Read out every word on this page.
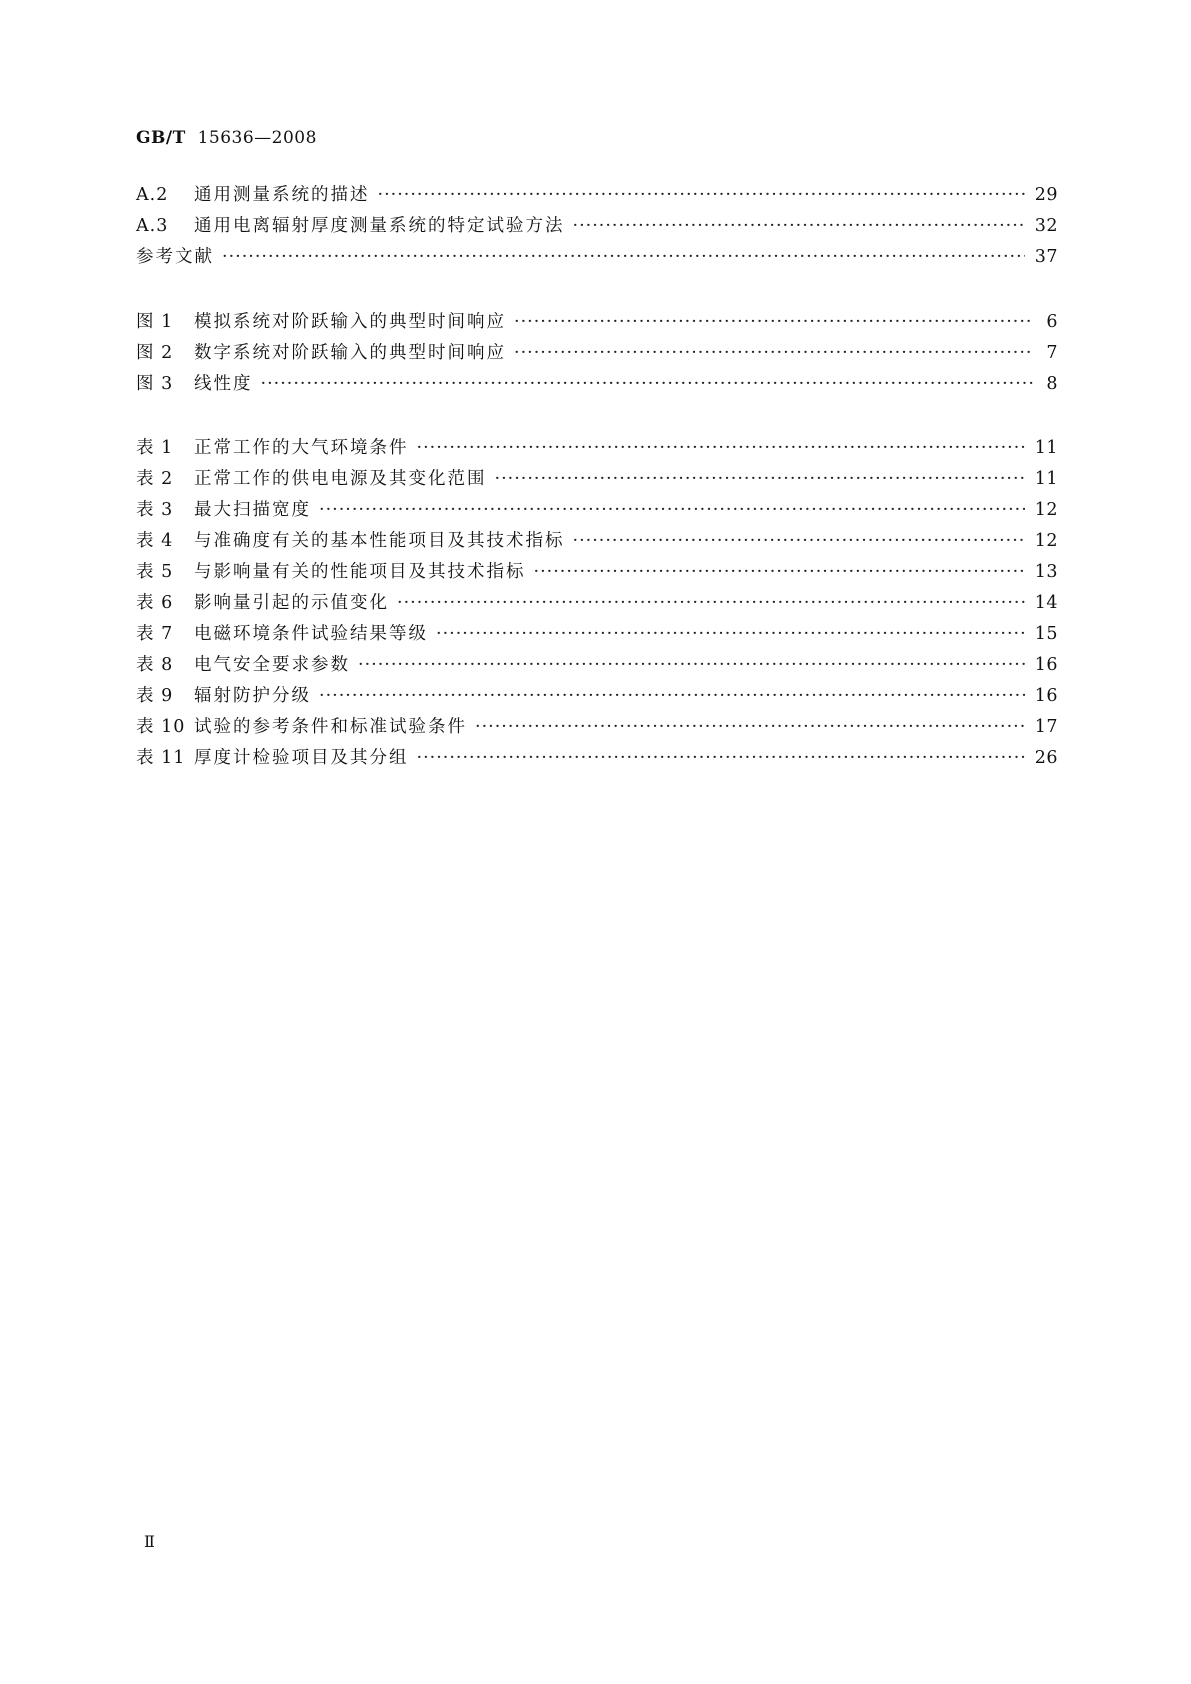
GB/T 15636—2008
A.2	通用测量系统的描述 ·····	29
A.3	通用电离辐射厚度测量系统的特定试验方法 ·····	32
参考文献 ·····	37
图 1	模拟系统对阶跃输入的典型时间响应 ·····	6
图 2	数字系统对阶跃输入的典型时间响应 ·····	7
图 3	线性度 ·····	8
表 1	正常工作的大气环境条件 ·····	11
表 2	正常工作的供电电源及其变化范围 ·····	11
表 3	最大扫描宽度 ·····	12
表 4	与准确度有关的基本性能项目及其技术指标 ·····	12
表 5	与影响量有关的性能项目及其技术指标 ·····	13
表 6	影响量引起的示值变化 ·····	14
表 7	电磁环境条件试验结果等级 ·····	15
表 8	电气安全要求参数 ·····	16
表 9	辐射防护分级 ·····	16
表 10 试验的参考条件和标准试验条件 ·····	17
表 11 厚度计检验项目及其分组 ·····	26
Ⅱ
